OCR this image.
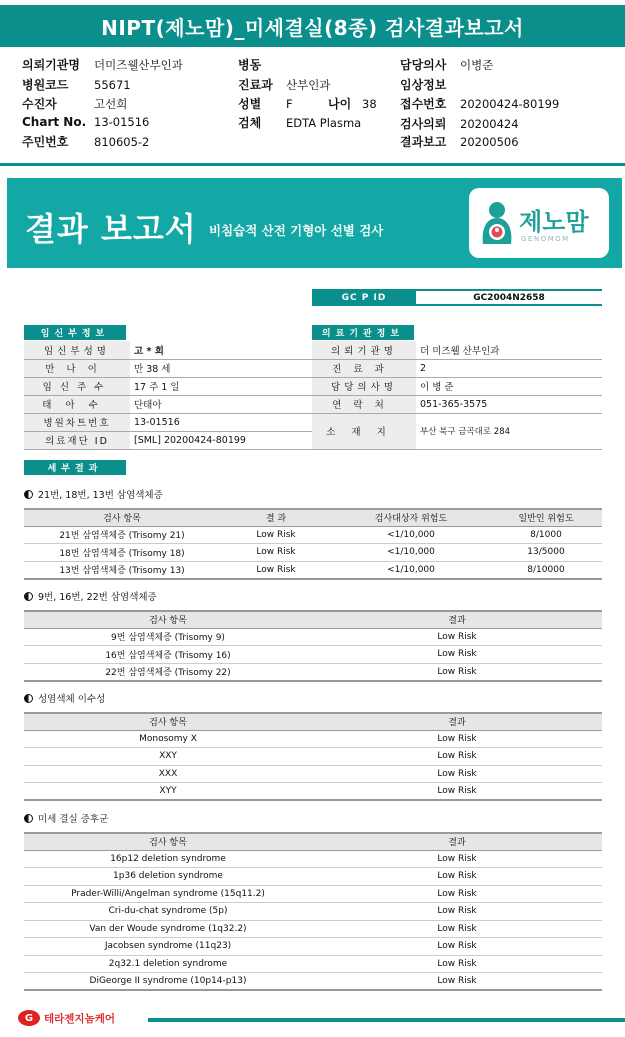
NIPT(제노맘)_미세결실(8종) 검사결과보고서
의뢰기관명 더미즈웰산부인과
병원코드 55671
수진자	고선희
Chart No. 13-01516
주민번호 810605-2
병동
진료과 산부인과
성별 F	나이 38
검체 EDTA Plasma
담당의사 이병준
임상정보
접수번호 20200424-80199
검사의뢰 20200424
결과보고 20200506
결과 보고서 비침습적 산전 기형아 선별 검사	제노맘
GENOMOM
GC P ID	GC2004N2658
임신부정보
임신부성명	고 * 희
만나이	만 38 세
임신주수	17 주 1 일
태아수	단태아
병원차트번호	13-01516
의료재단 ID	[SML] 20200424-80199
의료기관정보
의뢰기관명	더 미즈웰 산부인과
진료과	2
담당의사명	이 병 준
연락처	051-365-3575
소재지	부산 북구 금곡대로 284
세부결과
21번, 18번, 13번 삼염색체증
검사 항목	결 과	검사대상자 위험도	일반인 위험도
21번 삼염색체증 (Trisomy 21)	Low Risk	<1/10,000	8/1000
18번 삼염색체증 (Trisomy 18)	Low Risk	<1/10,000	13/5000
13번 삼염색체증 (Trisomy 13)	Low Risk	<1/10,000	8/10000
9번, 16번, 22번 삼염색체증
검사 항목	결과
9번 삼염색체증 (Trisomy 9)	Low Risk
16번 삼염색체증 (Trisomy 16)	Low Risk
22번 삼염색체증 (Trisomy 22)	Low Risk
성염색체 이수성
검사 항목	결과
Monosomy X	Low Risk
XXY	Low Risk
XXX	Low Risk
XYY	Low Risk
미세 결실 증후군
검사 항목	결과
16p12 deletion syndrome	Low Risk
1p36 deletion syndrome	Low Risk
Prader-Willi/Angelman syndrome (15q11.2)	Low Risk
Cri-du-chat syndrome (5p)	Low Risk
Van der Woude syndrome (1q32.2)	Low Risk
Jacobsen syndrome (11q23)	Low Risk
2q32.1 deletion syndrome	Low Risk
DiGeorge II syndrome (10p14-p13)	Low Risk
G	테라젠지놈케어
